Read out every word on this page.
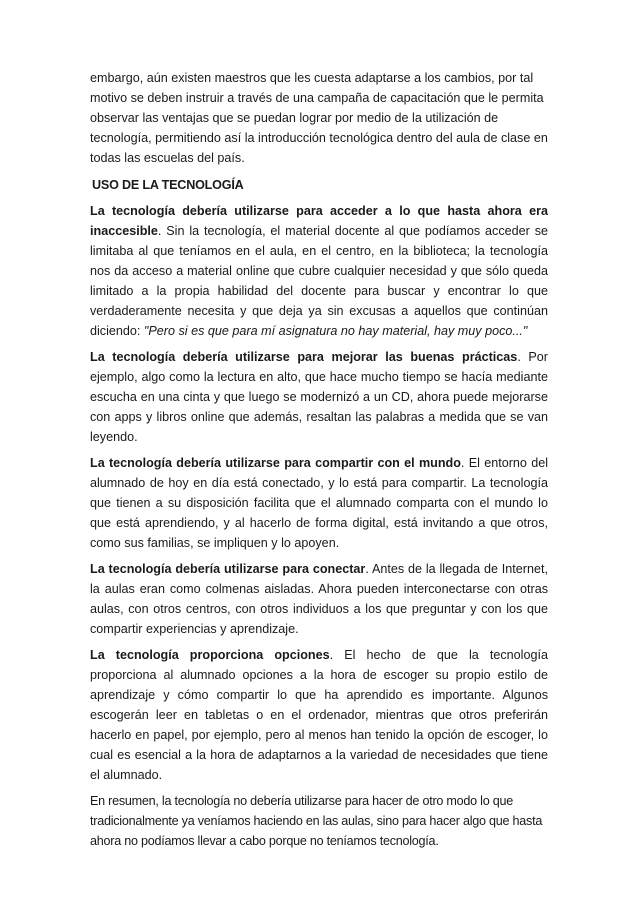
embargo, aún existen maestros que les cuesta adaptarse a los cambios, por tal motivo se deben instruir a través de una campaña de capacitación que le permita observar las ventajas que se puedan lograr por medio de la utilización de tecnología, permitiendo así la introducción tecnológica dentro del aula de clase en todas las escuelas del país.

USO DE LA TECNOLOGÍA

La tecnología debería utilizarse para acceder a lo que hasta ahora era inaccesible. Sin la tecnología, el material docente al que podíamos acceder se limitaba al que teníamos en el aula, en el centro, en la biblioteca; la tecnología nos da acceso a material online que cubre cualquier necesidad y que sólo queda limitado a la propia habilidad del docente para buscar y encontrar lo que verdaderamente necesita y que deja ya sin excusas a aquellos que continúan diciendo: "Pero si es que para mí asignatura no hay material, hay muy poco..."

La tecnología debería utilizarse para mejorar las buenas prácticas. Por ejemplo, algo como la lectura en alto, que hace mucho tiempo se hacía mediante escucha en una cinta y que luego se modernizó a un CD, ahora puede mejorarse con apps y libros online que además, resaltan las palabras a medida que se van leyendo.

La tecnología debería utilizarse para compartir con el mundo. El entorno del alumnado de hoy en día está conectado, y lo está para compartir. La tecnología que tienen a su disposición facilita que el alumnado comparta con el mundo lo que está aprendiendo, y al hacerlo de forma digital, está invitando a que otros, como sus familias, se impliquen y lo apoyen.

La tecnología debería utilizarse para conectar. Antes de la llegada de Internet, la aulas eran como colmenas aisladas. Ahora pueden interconectarse con otras aulas, con otros centros, con otros individuos a los que preguntar y con los que compartir experiencias y aprendizaje.

La tecnología proporciona opciones. El hecho de que la tecnología proporciona al alumnado opciones a la hora de escoger su propio estilo de aprendizaje y cómo compartir lo que ha aprendido es importante. Algunos escogerán leer en tabletas o en el ordenador, mientras que otros preferirán hacerlo en papel, por ejemplo, pero al menos han tenido la opción de escoger, lo cual es esencial a la hora de adaptarnos a la variedad de necesidades que tiene el alumnado.

En resumen, la tecnología no debería utilizarse para hacer de otro modo lo que tradicionalmente ya veníamos haciendo en las aulas, sino para hacer algo que hasta ahora no podíamos llevar a cabo porque no teníamos tecnología.
